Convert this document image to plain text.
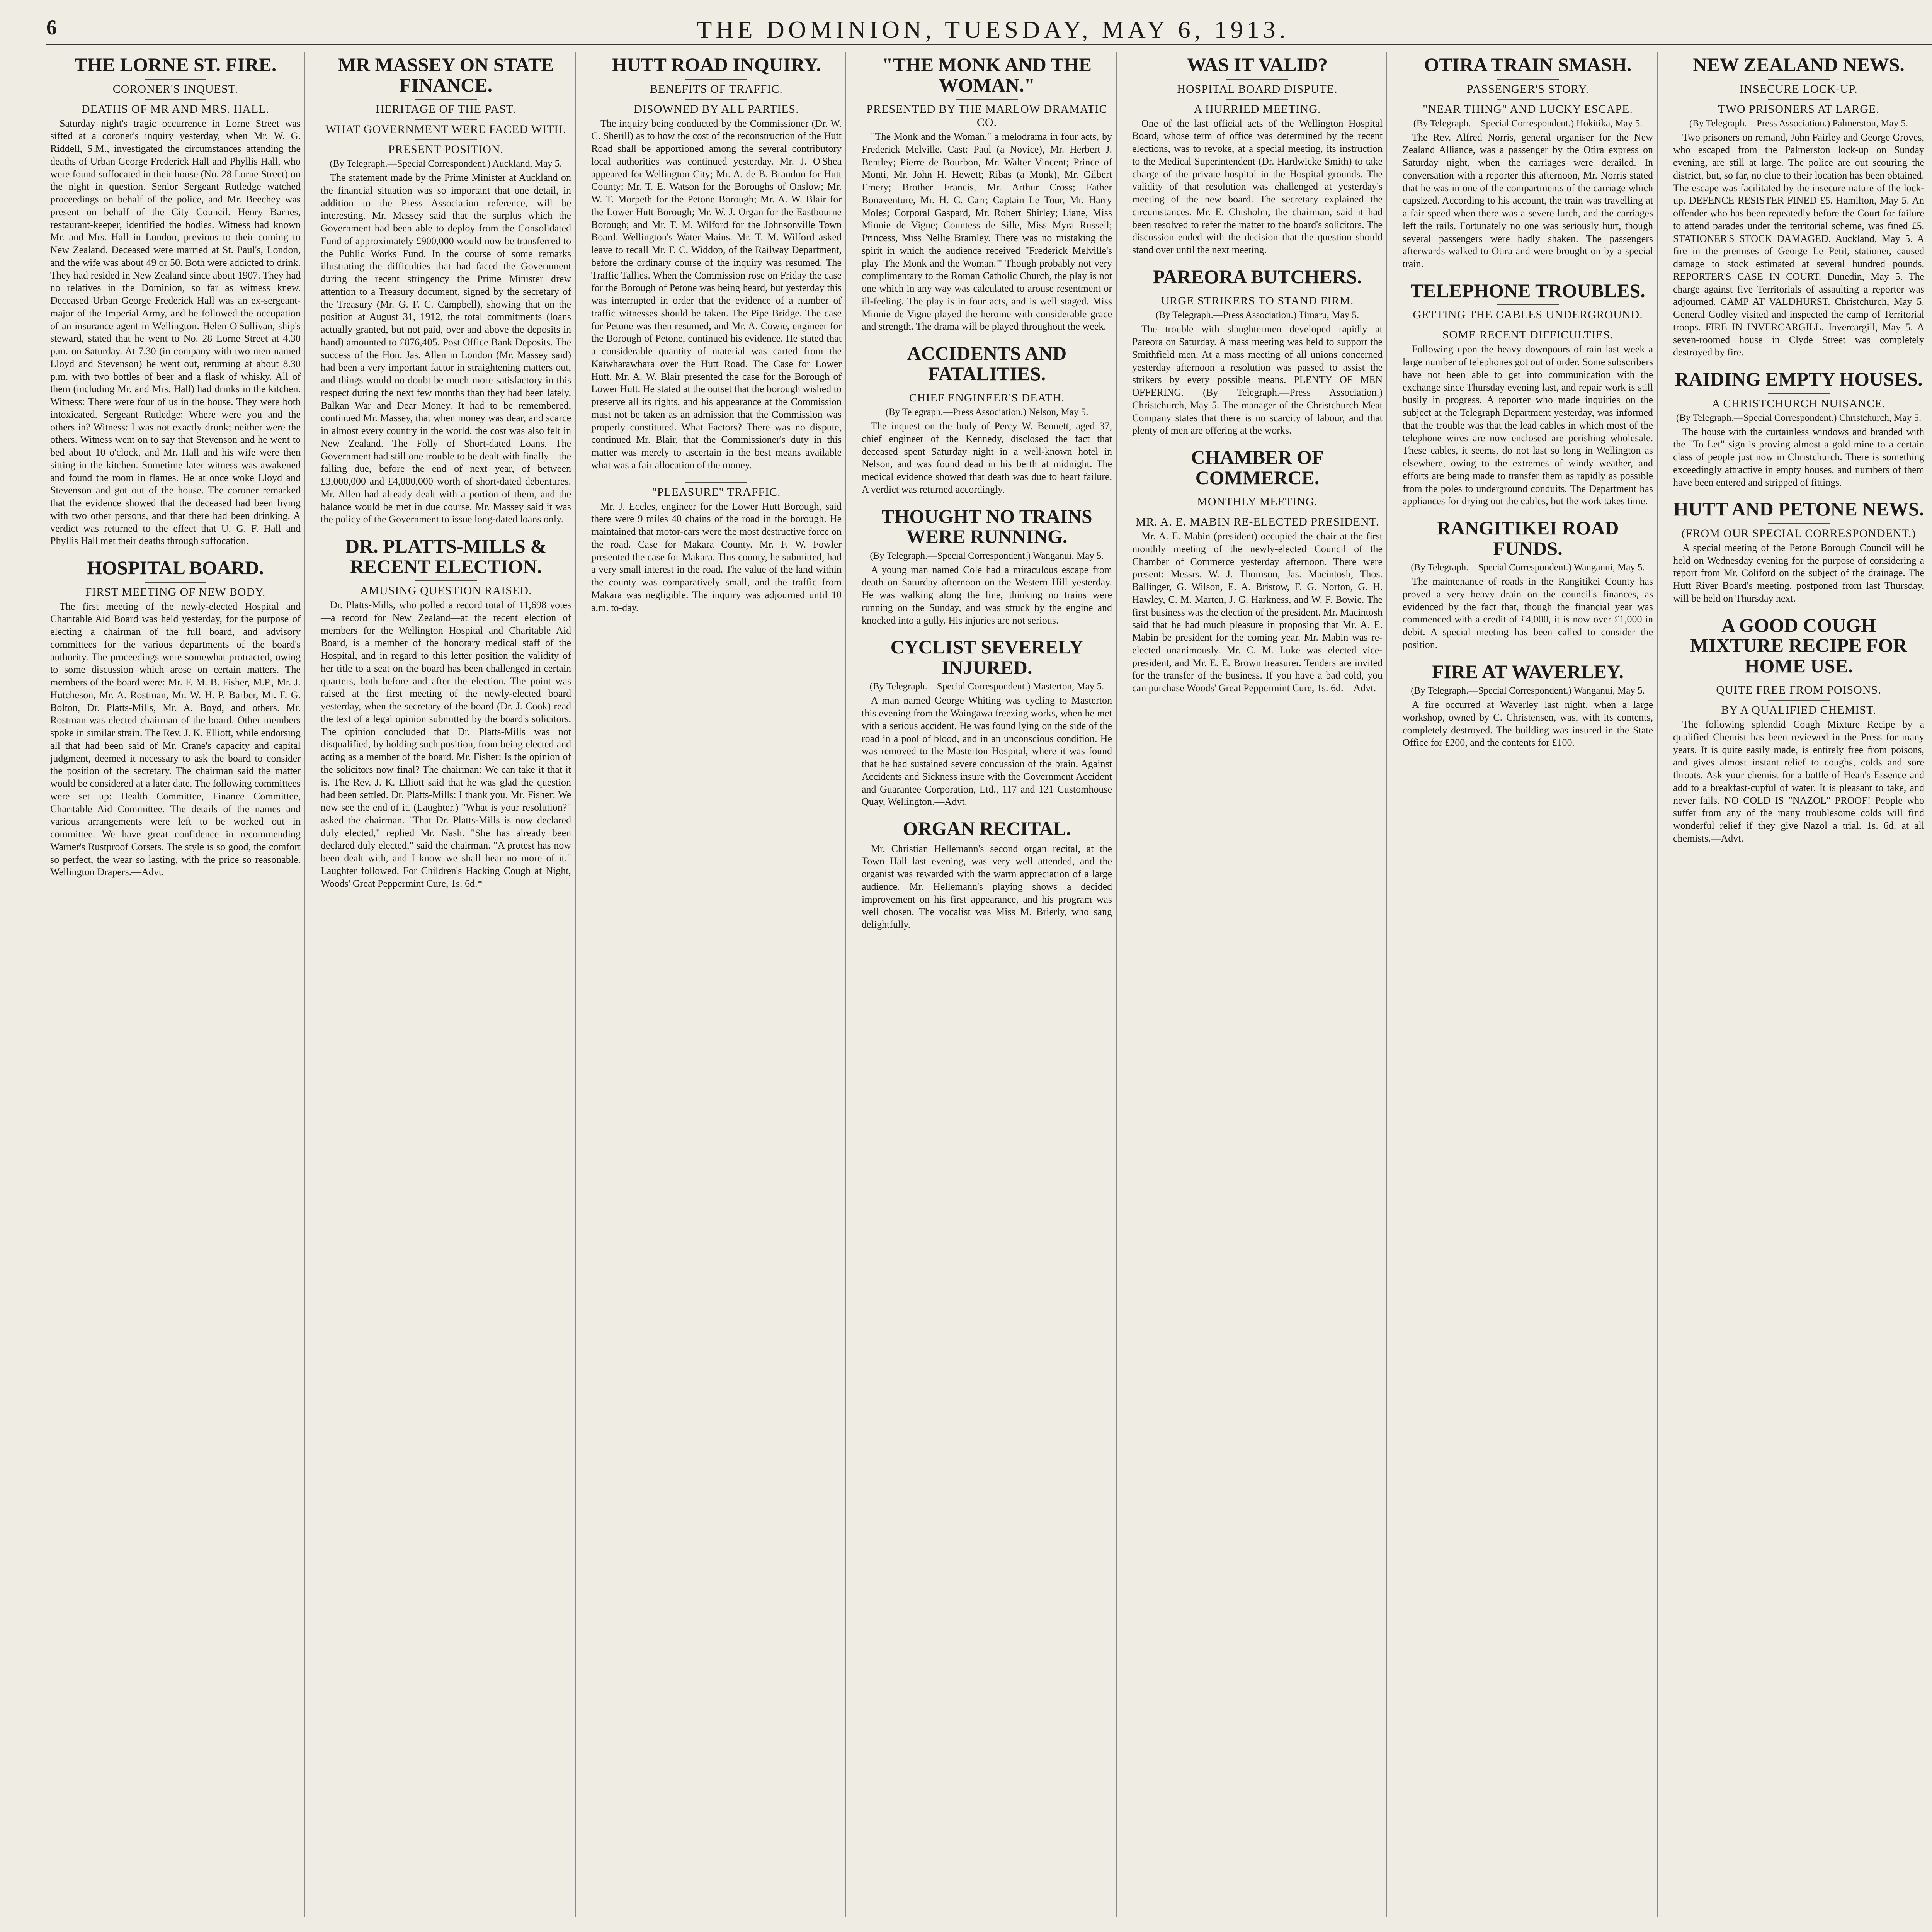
6	THE DOMINION, TUESDAY, MAY 6, 1913.
THE LORNE ST. FIRE.
CORONER'S INQUEST.
DEATHS OF MR AND MRS. HALL.

Saturday night's tragic occurrence in Lorne Street was sifted at a coroner's inquiry yesterday, when Mr. W. G. Riddell, S.M., investigated the circumstances attending the deaths of Urban George Frederick Hall and Phyllis Hall, who were found suffocated in their house (No. 28 Lorne Street) on the night in question. Senior Sergeant Rutledge watched proceedings on behalf of the police, and Mr. Beechey was present on behalf of the City Council. Henry Barnes, restaurant-keeper, identified the bodies. Witness had known Mr. and Mrs. Hall in London, previous to their coming to New Zealand. Deceased were married at St. Paul's, London, and the wife was about 49 or 50. Both were addicted to drink. They had resided in New Zealand since about 1907. They had no relatives in the Dominion, so far as witness knew. Deceased Urban George Frederick Hall was an ex-sergeant-major of the Imperial Army, and he followed the occupation of an insurance agent in Wellington. Helen O'Sullivan, ship's steward, stated that he went to No. 28 Lorne Street at 4.30 p.m. on Saturday. At 7.30 (in company with two men named Lloyd and Stevenson) he went out, returning at about 8.30 p.m. with two bottles of beer and a flask of whisky. All of them (including Mr. and Mrs. Hall) had drinks in the kitchen. Witness: There were four of us in the house. They were both intoxicated. Sergeant Rutledge: Where were you and the others in? Witness: I was not exactly drunk; neither were the others. Witness went on to say that Stevenson and he went to bed about 10 o'clock, and Mr. Hall and his wife were then sitting in the kitchen. Sometime later witness was awakened and found the room in flames. He at once woke Lloyd and Stevenson and got out of the house. The coroner remarked that the evidence showed that the deceased had been living with two other persons, and that there had been drinking. A verdict was returned to the effect that U. G. F. Hall and Phyllis Hall met their deaths through suffocation.

HOSPITAL BOARD.
FIRST MEETING OF NEW BODY.

The first meeting of the newly-elected Hospital and Charitable Aid Board was held yesterday, for the purpose of electing a chairman of the full board, and advisory committees for the various departments of the board's authority. The proceedings were somewhat protracted, owing to some discussion which arose on certain matters. The members of the board were: Mr. F. M. B. Fisher, M.P., Mr. J. Hutcheson, Mr. A. Rostman, Mr. W. H. P. Barber, Mr. F. G. Bolton, Dr. Platts-Mills, Mr. A. Boyd, and others. Mr. Rostman was elected chairman of the board. Other members spoke in similar strain. The Rev. J. K. Elliott, while endorsing all that had been said of Mr. Crane's capacity and capital judgment, deemed it necessary to ask the board to consider the position of the secretary. The chairman said the matter would be considered at a later date. The following committees were set up: Health Committee, Finance Committee, Charitable Aid Committee. The details of the names and various arrangements were left to be worked out in committee. We have great confidence in recommending Warner's Rustproof Corsets. The style is so good, the comfort so perfect, the wear so lasting, with the price so reasonable. Wellington Drapers.—Advt.

MR MASSEY ON STATE FINANCE.
HERITAGE OF THE PAST.
WHAT GOVERNMENT WERE FACED WITH.
PRESENT POSITION.
(By Telegraph.—Special Correspondent.) Auckland, May 5.

The statement made by the Prime Minister at Auckland on the financial situation was so important that one detail, in addition to the Press Association reference, will be interesting. Mr. Massey said that the surplus which the Government had been able to deploy from the Consolidated Fund of approximately £900,000 would now be transferred to the Public Works Fund. In the course of some remarks illustrating the difficulties that had faced the Government during the recent stringency the Prime Minister drew attention to a Treasury document, signed by the secretary of the Treasury (Mr. G. F. C. Campbell), showing that on the position at August 31, 1912, the total commitments (loans actually granted, but not paid, over and above the deposits in hand) amounted to £876,405. Post Office Bank Deposits. The success of the Hon. Jas. Allen in London (Mr. Massey said) had been a very important factor in straightening matters out, and things would no doubt be much more satisfactory in this respect during the next few months than they had been lately. Balkan War and Dear Money. It had to be remembered, continued Mr. Massey, that when money was dear, and scarce in almost every country in the world, the cost was also felt in New Zealand. The Folly of Short-dated Loans. The Government had still one trouble to be dealt with finally—the falling due, before the end of next year, of between £3,000,000 and £4,000,000 worth of short-dated debentures. Mr. Allen had already dealt with a portion of them, and the balance would be met in due course. Mr. Massey said it was the policy of the Government to issue long-dated loans only.

DR. PLATTS-MILLS & RECENT ELECTION.
AMUSING QUESTION RAISED.

Dr. Platts-Mills, who polled a record total of 11,698 votes—a record for New Zealand—at the recent election of members for the Wellington Hospital and Charitable Aid Board, is a member of the honorary medical staff of the Hospital, and in regard to this letter position the validity of her title to a seat on the board has been challenged in certain quarters, both before and after the election. The point was raised at the first meeting of the newly-elected board yesterday, when the secretary of the board (Dr. J. Cook) read the text of a legal opinion submitted by the board's solicitors. The opinion concluded that Dr. Platts-Mills was not disqualified, by holding such position, from being elected and acting as a member of the board. Mr. Fisher: Is the opinion of the solicitors now final? The chairman: We can take it that it is. The Rev. J. K. Elliott said that he was glad the question had been settled. Dr. Platts-Mills: I thank you. Mr. Fisher: We now see the end of it. (Laughter.) "What is your resolution?" asked the chairman. "That Dr. Platts-Mills is now declared duly elected," replied Mr. Nash. "She has already been declared duly elected," said the chairman. "A protest has now been dealt with, and I know we shall hear no more of it." Laughter followed. For Children's Hacking Cough at Night, Woods' Great Peppermint Cure, 1s. 6d.*

HUTT ROAD INQUIRY.
BENEFITS OF TRAFFIC.
DISOWNED BY ALL PARTIES.

The inquiry being conducted by the Commissioner (Dr. W. C. Sherill) as to how the cost of the reconstruction of the Hutt Road shall be apportioned among the several contributory local authorities was continued yesterday. Mr. J. O'Shea appeared for Wellington City; Mr. A. de B. Brandon for Hutt County; Mr. T. E. Watson for the Boroughs of Onslow; Mr. W. T. Morpeth for the Petone Borough; Mr. A. W. Blair for the Lower Hutt Borough; Mr. W. J. Organ for the Eastbourne Borough; and Mr. T. M. Wilford for the Johnsonville Town Board. Wellington's Water Mains. Mr. T. M. Wilford asked leave to recall Mr. F. C. Widdop, of the Railway Department, before the ordinary course of the inquiry was resumed. The Traffic Tallies. When the Commission rose on Friday the case for the Borough of Petone was being heard, but yesterday this was interrupted in order that the evidence of a number of traffic witnesses should be taken. The Pipe Bridge. The case for Petone was then resumed, and Mr. A. Cowie, engineer for the Borough of Petone, continued his evidence. He stated that a considerable quantity of material was carted from the Kaiwharawhara over the Hutt Road. The Case for Lower Hutt. Mr. A. W. Blair presented the case for the Borough of Lower Hutt. He stated at the outset that the borough wished to preserve all its rights, and his appearance at the Commission must not be taken as an admission that the Commission was properly constituted. What Factors? There was no dispute, continued Mr. Blair, that the Commissioner's duty in this matter was merely to ascertain in the best means available what was a fair allocation of the money.

"PLEASURE" TRAFFIC.

Mr. J. Eccles, engineer for the Lower Hutt Borough, said there were 9 miles 40 chains of the road in the borough. He maintained that motor-cars were the most destructive force on the road. Case for Makara County. Mr. F. W. Fowler presented the case for Makara. This county, he submitted, had a very small interest in the road. The value of the land within the county was comparatively small, and the traffic from Makara was negligible. The inquiry was adjourned until 10 a.m. to-day.

"THE MONK AND THE WOMAN."
PRESENTED BY THE MARLOW DRAMATIC CO.

"The Monk and the Woman," a melodrama in four acts, by Frederick Melville. Cast: Paul (a Novice), Mr. Herbert J. Bentley; Pierre de Bourbon, Mr. Walter Vincent; Prince of Monti, Mr. John H. Hewett; Ribas (a Monk), Mr. Gilbert Emery; Brother Francis, Mr. Arthur Cross; Father Bonaventure, Mr. H. C. Carr; Captain Le Tour, Mr. Harry Moles; Corporal Gaspard, Mr. Robert Shirley; Liane, Miss Minnie de Vigne; Countess de Sille, Miss Myra Russell; Princess, Miss Nellie Bramley. There was no mistaking the spirit in which the audience received "Frederick Melville's play 'The Monk and the Woman.'" Though probably not very complimentary to the Roman Catholic Church, the play is not one which in any way was calculated to arouse resentment or ill-feeling. The play is in four acts, and is well staged. Miss Minnie de Vigne played the heroine with considerable grace and strength. The drama will be played throughout the week.

ACCIDENTS AND FATALITIES.
CHIEF ENGINEER'S DEATH.
(By Telegraph.—Press Association.) Nelson, May 5.

The inquest on the body of Percy W. Bennett, aged 37, chief engineer of the Kennedy, disclosed the fact that deceased spent Saturday night in a well-known hotel in Nelson, and was found dead in his berth at midnight. The medical evidence showed that death was due to heart failure. A verdict was returned accordingly.

THOUGHT NO TRAINS WERE RUNNING.
(By Telegraph.—Special Correspondent.) Wanganui, May 5.

A young man named Cole had a miraculous escape from death on Saturday afternoon on the Western Hill yesterday. He was walking along the line, thinking no trains were running on the Sunday, and was struck by the engine and knocked into a gully. His injuries are not serious.

CYCLIST SEVERELY INJURED.
(By Telegraph.—Special Correspondent.) Masterton, May 5.

A man named George Whiting was cycling to Masterton this evening from the Waingawa freezing works, when he met with a serious accident. He was found lying on the side of the road in a pool of blood, and in an unconscious condition. He was removed to the Masterton Hospital, where it was found that he had sustained severe concussion of the brain. Against Accidents and Sickness insure with the Government Accident and Guarantee Corporation, Ltd., 117 and 121 Customhouse Quay, Wellington.—Advt.

ORGAN RECITAL.

Mr. Christian Hellemann's second organ recital, at the Town Hall last evening, was very well attended, and the organist was rewarded with the warm appreciation of a large audience. Mr. Hellemann's playing shows a decided improvement on his first appearance, and his program was well chosen. The vocalist was Miss M. Brierly, who sang delightfully.

WAS IT VALID?
HOSPITAL BOARD DISPUTE.
A HURRIED MEETING.

One of the last official acts of the Wellington Hospital Board, whose term of office was determined by the recent elections, was to revoke, at a special meeting, its instruction to the Medical Superintendent (Dr. Hardwicke Smith) to take charge of the private hospital in the Hospital grounds. The validity of that resolution was challenged at yesterday's meeting of the new board. The secretary explained the circumstances. Mr. E. Chisholm, the chairman, said it had been resolved to refer the matter to the board's solicitors. The discussion ended with the decision that the question should stand over until the next meeting.

PAREORA BUTCHERS.
URGE STRIKERS TO STAND FIRM.
(By Telegraph.—Press Association.) Timaru, May 5.

The trouble with slaughtermen developed rapidly at Pareora on Saturday. A mass meeting was held to support the Smithfield men. At a mass meeting of all unions concerned yesterday afternoon a resolution was passed to assist the strikers by every possible means. PLENTY OF MEN OFFERING. (By Telegraph.—Press Association.) Christchurch, May 5. The manager of the Christchurch Meat Company states that there is no scarcity of labour, and that plenty of men are offering at the works.

CHAMBER OF COMMERCE.
MONTHLY MEETING.
MR. A. E. MABIN RE-ELECTED PRESIDENT.

Mr. A. E. Mabin (president) occupied the chair at the first monthly meeting of the newly-elected Council of the Chamber of Commerce yesterday afternoon. There were present: Messrs. W. J. Thomson, Jas. Macintosh, Thos. Ballinger, G. Wilson, E. A. Bristow, F. G. Norton, G. H. Hawley, C. M. Marten, J. G. Harkness, and W. F. Bowie. The first business was the election of the president. Mr. Macintosh said that he had much pleasure in proposing that Mr. A. E. Mabin be president for the coming year. Mr. Mabin was re-elected unanimously. Mr. C. M. Luke was elected vice-president, and Mr. E. E. Brown treasurer. Tenders are invited for the transfer of the business. If you have a bad cold, you can purchase Woods' Great Peppermint Cure, 1s. 6d.—Advt.

OTIRA TRAIN SMASH.
PASSENGER'S STORY.
"NEAR THING" AND LUCKY ESCAPE.
(By Telegraph.—Special Correspondent.) Hokitika, May 5.

The Rev. Alfred Norris, general organiser for the New Zealand Alliance, was a passenger by the Otira express on Saturday night, when the carriages were derailed. In conversation with a reporter this afternoon, Mr. Norris stated that he was in one of the compartments of the carriage which capsized. According to his account, the train was travelling at a fair speed when there was a severe lurch, and the carriages left the rails. Fortunately no one was seriously hurt, though several passengers were badly shaken. The passengers afterwards walked to Otira and were brought on by a special train.

TELEPHONE TROUBLES.
GETTING THE CABLES UNDERGROUND.
SOME RECENT DIFFICULTIES.

Following upon the heavy downpours of rain last week a large number of telephones got out of order. Some subscribers have not been able to get into communication with the exchange since Thursday evening last, and repair work is still busily in progress. A reporter who made inquiries on the subject at the Telegraph Department yesterday, was informed that the trouble was that the lead cables in which most of the telephone wires are now enclosed are perishing wholesale. These cables, it seems, do not last so long in Wellington as elsewhere, owing to the extremes of windy weather, and efforts are being made to transfer them as rapidly as possible from the poles to underground conduits. The Department has appliances for drying out the cables, but the work takes time.

RANGITIKEI ROAD FUNDS.
(By Telegraph.—Special Correspondent.) Wanganui, May 5.

The maintenance of roads in the Rangitikei County has proved a very heavy drain on the council's finances, as evidenced by the fact that, though the financial year was commenced with a credit of £4,000, it is now over £1,000 in debit. A special meeting has been called to consider the position.

FIRE AT WAVERLEY.
(By Telegraph.—Special Correspondent.) Wanganui, May 5.

A fire occurred at Waverley last night, when a large workshop, owned by C. Christensen, was, with its contents, completely destroyed. The building was insured in the State Office for £200, and the contents for £100.

NEW ZEALAND NEWS.
INSECURE LOCK-UP.
TWO PRISONERS AT LARGE.
(By Telegraph.—Press Association.) Palmerston, May 5.

Two prisoners on remand, John Fairley and George Groves, who escaped from the Palmerston lock-up on Sunday evening, are still at large. The police are out scouring the district, but, so far, no clue to their location has been obtained. The escape was facilitated by the insecure nature of the lock-up. DEFENCE RESISTER FINED £5. Hamilton, May 5. An offender who has been repeatedly before the Court for failure to attend parades under the territorial scheme, was fined £5. STATIONER'S STOCK DAMAGED. Auckland, May 5. A fire in the premises of George Le Petit, stationer, caused damage to stock estimated at several hundred pounds. REPORTER'S CASE IN COURT. Dunedin, May 5. The charge against five Territorials of assaulting a reporter was adjourned. CAMP AT VALDHURST. Christchurch, May 5. General Godley visited and inspected the camp of Territorial troops. FIRE IN INVERCARGILL. Invercargill, May 5. A seven-roomed house in Clyde Street was completely destroyed by fire.

RAIDING EMPTY HOUSES.
A CHRISTCHURCH NUISANCE.
(By Telegraph.—Special Correspondent.) Christchurch, May 5.

The house with the curtainless windows and branded with the "To Let" sign is proving almost a gold mine to a certain class of people just now in Christchurch. There is something exceedingly attractive in empty houses, and numbers of them have been entered and stripped of fittings.

HUTT AND PETONE NEWS.
(FROM OUR SPECIAL CORRESPONDENT.)

A special meeting of the Petone Borough Council will be held on Wednesday evening for the purpose of considering a report from Mr. Coliford on the subject of the drainage. The Hutt River Board's meeting, postponed from last Thursday, will be held on Thursday next.

A GOOD COUGH MIXTURE RECIPE FOR HOME USE.
QUITE FREE FROM POISONS.
BY A QUALIFIED CHEMIST.

The following splendid Cough Mixture Recipe by a qualified Chemist has been reviewed in the Press for many years. It is quite easily made, is entirely free from poisons, and gives almost instant relief to coughs, colds and sore throats. Ask your chemist for a bottle of Hean's Essence and add to a breakfast-cupful of water. It is pleasant to take, and never fails. NO COLD IS "NAZOL" PROOF! People who suffer from any of the many troublesome colds will find wonderful relief if they give Nazol a trial. 1s. 6d. at all chemists.—Advt.
